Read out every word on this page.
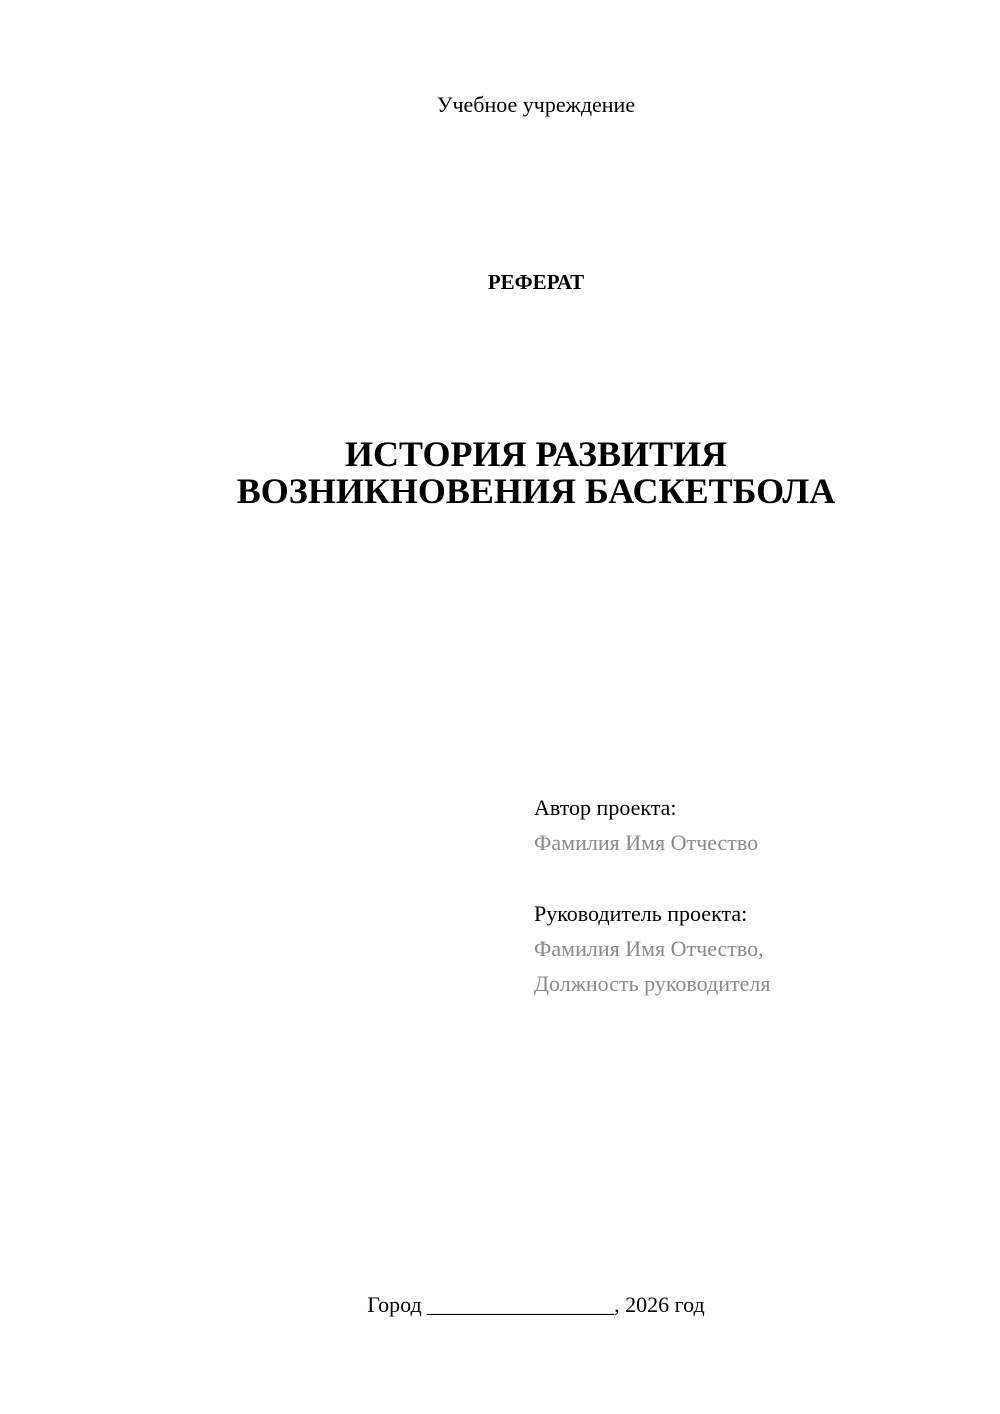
Учебное учреждение
РЕФЕРАТ
ИСТОРИЯ РАЗВИТИЯ
ВОЗНИКНОВЕНИЯ БАСКЕТБОЛА
Автор проекта:
Фамилия Имя Отчество
Руководитель проекта:
Фамилия Имя Отчество,
Должность руководителя
Город _________________, 2026 год
